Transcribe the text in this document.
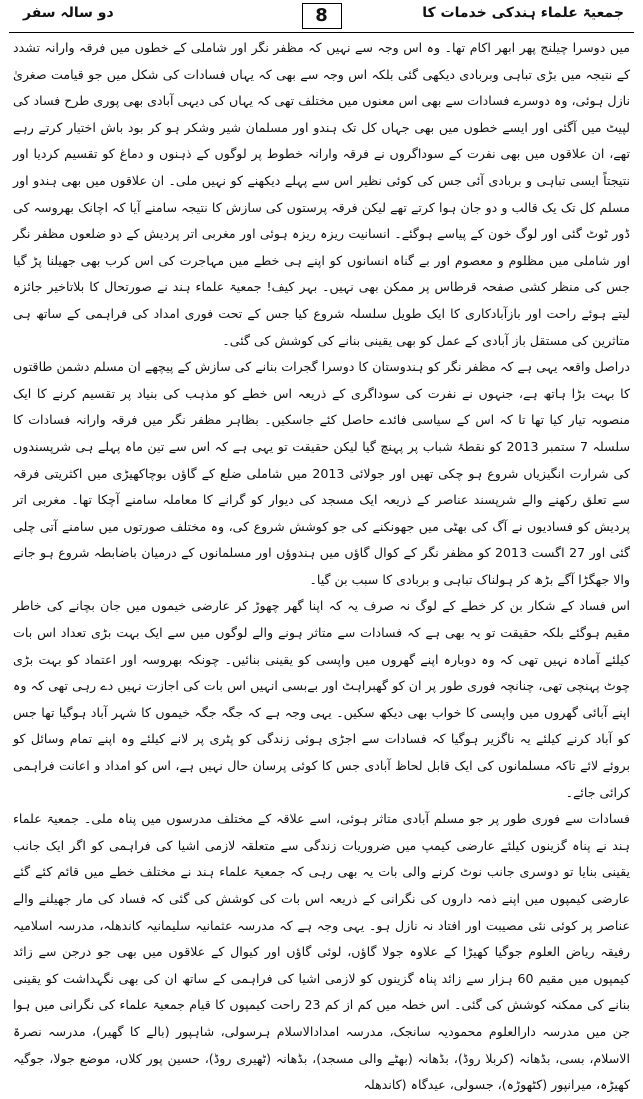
جمعیۃ علماء ہندکی خدمات کا
8
دو سالہ سفر

میں دوسرا چیلنج پھر ابھر اکام تھا۔ وہ اس وجہ سے نہیں کہ مظفر نگر اور شاملی کے خطوں میں فرقہ وارانہ تشدد کے نتیجہ میں بڑی تباہی وبربادی دیکھی گئی بلکہ اس وجہ سے بھی کہ یہاں فسادات کی شکل میں جو قیامت صغریٰ نازل ہوئی، وہ دوسرے فسادات سے بھی اس معنوں میں مختلف تھی کہ یہاں کی دیہی آبادی بھی پوری طرح فساد کی لپیٹ میں آگئی اور ایسے خطوں میں بھی جہاں کل تک ہندو اور مسلمان شیر وشکر ہو کر بود باش اختیار کرتے رہے تھے، ان علاقوں میں بھی نفرت کے سوداگروں نے فرقہ وارانہ خطوط پر لوگوں کے ذہنوں و دماغ کو تقسیم کردیا اور نتیجتاً ایسی تباہی و بربادی آئی جس کی کوئی نظیر اس سے پہلے دیکھنے کو نہیں ملی۔ ان علاقوں میں بھی ہندو اور مسلم کل تک یک قالب و دو جان ہوا کرتے تھے لیکن فرقہ پرستوں کی سازش کا نتیجہ سامنے آیا کہ اچانک بھروسہ کی ڈور ٹوٹ گئی اور لوگ خون کے پیاسے ہوگئے۔ انسانیت ریزہ ریزہ ہوئی اور مغربی اتر پردیش کے دو ضلعوں مظفر نگر اور شاملی میں مظلوم و معصوم اور بے گناہ انسانوں کو اپنے ہی خطے میں مہاجرت کی اس کرب بھی جھیلنا پڑ گیا جس کی منظر کشی صفحہ قرطاس پر ممکن بھی نہیں۔ بہر کیف! جمعیۃ علماء ہند نے صورتحال کا بلاتاخیر جائزہ لیتے ہوئے راحت اور بازآبادکاری کا ایک طویل سلسلہ شروع کیا جس کے تحت فوری امداد کی فراہمی کے ساتھ ہی متاثرین کی مستقل باز آبادی کے عمل کو بھی یقینی بنانے کی کوشش کی گئی۔

دراصل واقعہ یہی ہے کہ مظفر نگر کو ہندوستان کا دوسرا گجرات بنانے کی سازش کے پیچھے ان مسلم دشمن طاقتوں کا بہت بڑا ہاتھ ہے، جنہوں نے نفرت کی سوداگری کے ذریعہ اس خطے کو مذہب کی بنیاد پر تقسیم کرنے کا ایک منصوبہ تیار کیا تھا تا کہ اس کے سیاسی فائدے حاصل کئے جاسکیں۔ بظاہر مظفر نگر میں فرقہ وارانہ فسادات کا سلسلہ 7 ستمبر 2013 کو نقطۂ شباب پر پہنچ گیا لیکن حقیقت تو یہی ہے کہ اس سے تین ماہ پہلے ہی شرپسندوں کی شرارت انگیزیاں شروع ہو چکی تھیں اور جولائی 2013 میں شاملی ضلع کے گاؤں بوچاکھیڑی میں اکثریتی فرقہ سے تعلق رکھنے والے شرپسند عناصر کے ذریعہ ایک مسجد کی دیوار کو گرانے کا معاملہ سامنے آچکا تھا۔ مغربی اتر پردیش کو فسادیوں نے آگ کی بھٹی میں جھونکنے کی جو کوشش شروع کی، وہ مختلف صورتوں میں سامنے آتی چلی گئی اور 27 اگست 2013 کو مظفر نگر کے کوال گاؤں میں ہندوؤں اور مسلمانوں کے درمیان باضابطہ شروع ہو جانے والا جھگڑا آگے بڑھ کر ہولناک تباہی و بربادی کا سبب بن گیا۔

اس فساد کے شکار بن کر خطے کے لوگ نہ صرف یہ کہ اپنا گھر چھوڑ کر عارضی خیموں میں جان بچانے کی خاطر مقیم ہوگئے بلکہ حقیقت تو یہ بھی ہے کہ فسادات سے متاثر ہونے والے لوگوں میں سے ایک بہت بڑی تعداد اس بات کیلئے آمادہ نہیں تھی کہ وہ دوبارہ اپنے گھروں میں واپسی کو یقینی بنائیں۔ چونکہ بھروسہ اور اعتماد کو بہت بڑی چوٹ پہنچی تھی، چنانچہ فوری طور پر ان کو گھبراہٹ اور بےبسی انہیں اس بات کی اجازت نہیں دے رہی تھی کہ وہ اپنے آبائی گھروں میں واپسی کا خواب بھی دیکھ سکیں۔ یہی وجہ ہے کہ جگہ جگہ خیموں کا شہر آباد ہوگیا تھا جس کو آباد کرنے کیلئے یہ ناگزیر ہوگیا کہ فسادات سے اجڑی ہوئی زندگی کو پٹری پر لانے کیلئے وہ اپنے تمام وسائل کو بروئے لائے تاکہ مسلمانوں کی ایک قابل لحاظ آبادی جس کا کوئی پرسان حال نہیں ہے، اس کو امداد و اعانت فراہمی کرائی جائے۔

فسادات سے فوری طور پر جو مسلم آبادی متاثر ہوئی، اسے علاقہ کے مختلف مدرسوں میں پناہ ملی۔ جمعیۃ علماء ہند نے پناہ گزینوں کیلئے عارضی کیمپ میں ضروریات زندگی سے متعلقہ لازمی اشیا کی فراہمی کو اگر ایک جانب یقینی بنایا تو دوسری جانب نوٹ کرنے والی بات یہ بھی رہی کہ جمعیۃ علماء ہند نے مختلف خطے میں قائم کئے گئے عارضی کیمپوں میں اپنے ذمہ داروں کی نگرانی کے ذریعہ اس بات کی کوشش کی گئی کہ فساد کی مار جھیلنے والے عناصر پر کوئی نئی مصیبت اور افتاد نہ نازل ہو۔ یہی وجہ ہے کہ مدرسہ عثمانیہ سلیمانیہ کاندھلہ، مدرسہ اسلامیہ رفیقہ ریاض العلوم جوگیا کھیڑا کے علاوہ جولا گاؤں، لوئی گاؤں اور کیوال کے علاقوں میں بھی جو درجن سے زائد کیمپوں میں مقیم 60 ہزار سے زائد پناہ گزینوں کو لازمی اشیا کی فراہمی کے ساتھ ان کی بھی نگہداشت کو یقینی بنانے کی ممکنہ کوشش کی گئی۔ اس خطہ میں کم از کم 23 راحت کیمپوں کا قیام جمعیۃ علماء کی نگرانی میں ہوا جن میں مدرسہ دارالعلوم محمودیہ سانجک، مدرسہ امدادالاسلام ہرسولی، شاہپور (بالے کا گھیر)، مدرسہ نصرۃ الاسلام، بسی، بڈھانہ (کربلا روڈ)، بڈھانہ (بھٹے والی مسجد)، بڈھانہ (ٹھیری روڈ)، حسین پور کلاں، موضع جولا، جوگیہ کھیڑہ، میرانپور (کٹھوڑہ)، جسولی، عیدگاہ (کاندھلہ
